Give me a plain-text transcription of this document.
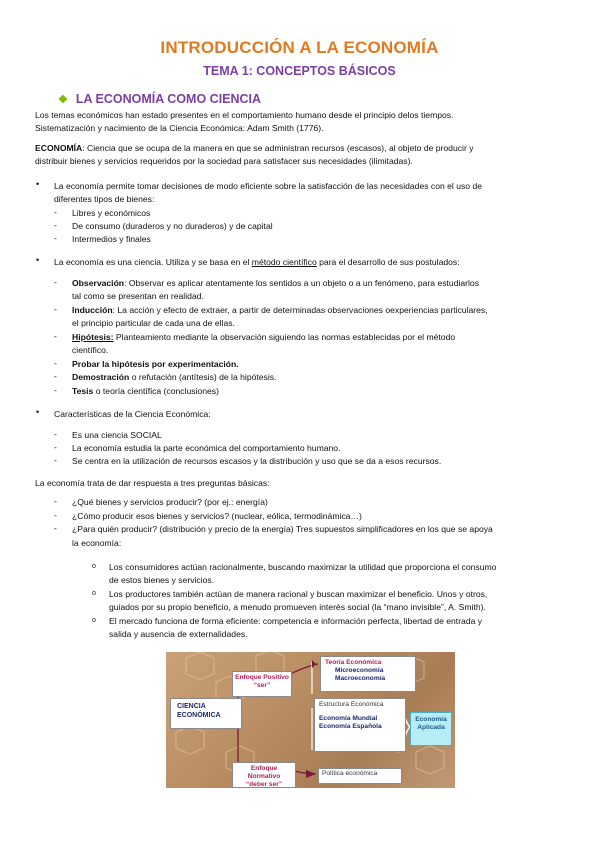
INTRODUCCIÓN A LA ECONOMÍA
TEMA 1: CONCEPTOS BÁSICOS
❖ LA ECONOMÍA COMO CIENCIA
Los temas económicos han estado presentes en el comportamiento humano desde el principio delos tiempos.
Sistematización y nacimiento de la Ciencia Económica: Adam Smith (1776).
ECONOMÍA: Ciencia que se ocupa de la manera en que se administran recursos (escasos), al objeto de producir y
distribuir bienes y servicios requeridos por la sociedad para satisfacer sus necesidades (ilimitadas).
• La economía permite tomar decisiones de modo eficiente sobre la satisfacción de las necesidades con el uso de
diferentes tipos de bienes:
- Libres y económicos
- De consumo (duraderos y no duraderos) y de capital
- Intermedios y finales
• La economía es una ciencia. Utiliza y se basa en el método científico para el desarrollo de sus postulados:
- Observación: Observar es aplicar atentamente los sentidos a un objeto o a un fenómeno, para estudiarlos
tal como se presentan en realidad.
- Inducción: La acción y efecto de extraer, a partir de determinadas observaciones oexperiencias particulares,
el principio particular de cada una de ellas.
- Hipótesis: Planteamiento mediante la observación siguiendo las normas establecidas por el método
científico.
- Probar la hipótesis por experimentación.
- Demostración o refutación (antítesis) de la hipótesis.
- Tesis o teoría científica (conclusiones)
• Características de la Ciencia Económica:
- Es una ciencia SOCIAL
- La economía estudia la parte económica del comportamiento humano.
- Se centra en la utilización de recursos escasos y la distribución y uso que se da a esos recursos.
La economía trata de dar respuesta a tres preguntas básicas:
- ¿Qué bienes y servicios producir? (por ej.: energía)
- ¿Cómo producir esos bienes y servicios? (nuclear, eólica, termodinámica…)
- ¿Para quién producir? (distribución y precio de la energía) Tres supuestos simplificadores en los que se apoya
la economía:
o Los consumidores actúan racionalmente, buscando maximizar la utilidad que proporciona el consumo
de estos bienes y servicios.
o Los productores también actúan de manera racional y buscan maximizar el beneficio. Unos y otros,
guiados por su propio beneficio, a menudo promueven interés social (la “mano invisible”, A. Smith).
o El mercado funciona de forma eficiente: competencia e información perfecta, libertad de entrada y
salida y ausencia de externalidades.
CIENCIA
ECONÓMICA
Enfoque Positivo
“ser”
Enfoque Normativo
“deber ser”
Teoría Económica
Microeconomía
Macroeconomía
Estructura Económica
Economía Mundial
Economía Española
Política económica
Economía
Aplicada
